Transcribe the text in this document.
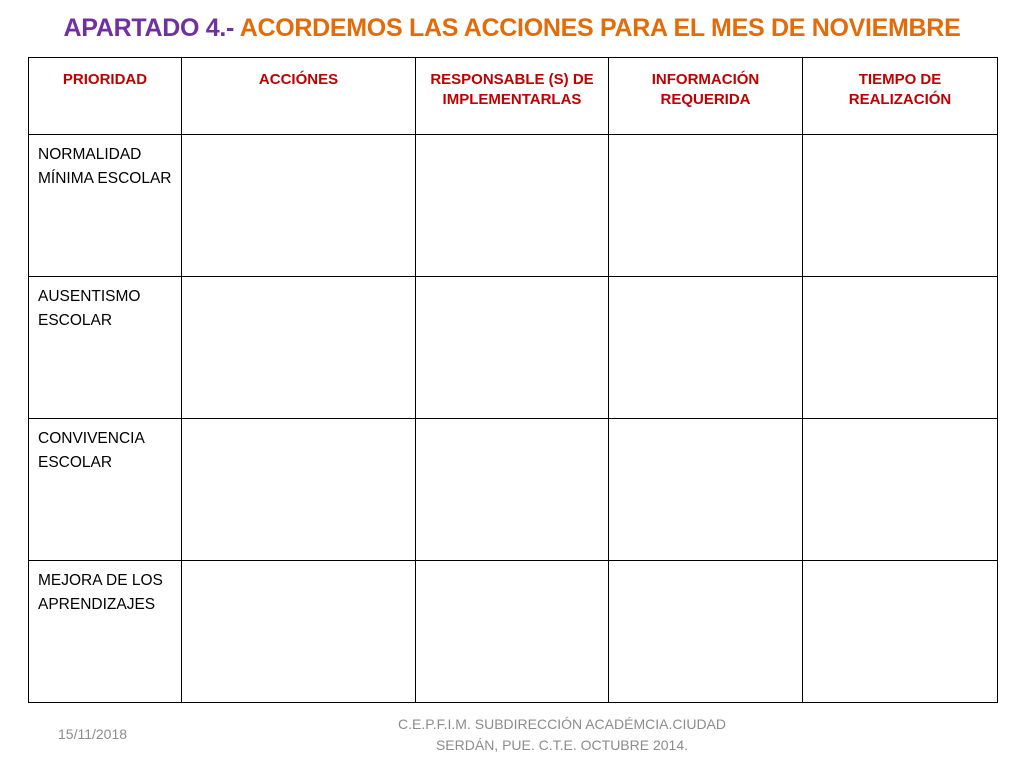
APARTADO 4.- ACORDEMOS LAS ACCIONES PARA EL MES DE NOVIEMBRE
PRIORIDAD	ACCIÓNES	RESPONSABLE (S) DE IMPLEMENTARLAS	INFORMACIÓN REQUERIDA	TIEMPO DE REALIZACIÓN
NORMALIDAD MÍNIMA ESCOLAR				
AUSENTISMO ESCOLAR				
CONVIVENCIA ESCOLAR				
MEJORA DE LOS APRENDIZAJES				
15/11/2018
C.E.P.F.I.M. SUBDIRECCIÓN ACADÉMCIA.CIUDAD
SERDÁN, PUE. C.T.E. OCTUBRE 2014.
